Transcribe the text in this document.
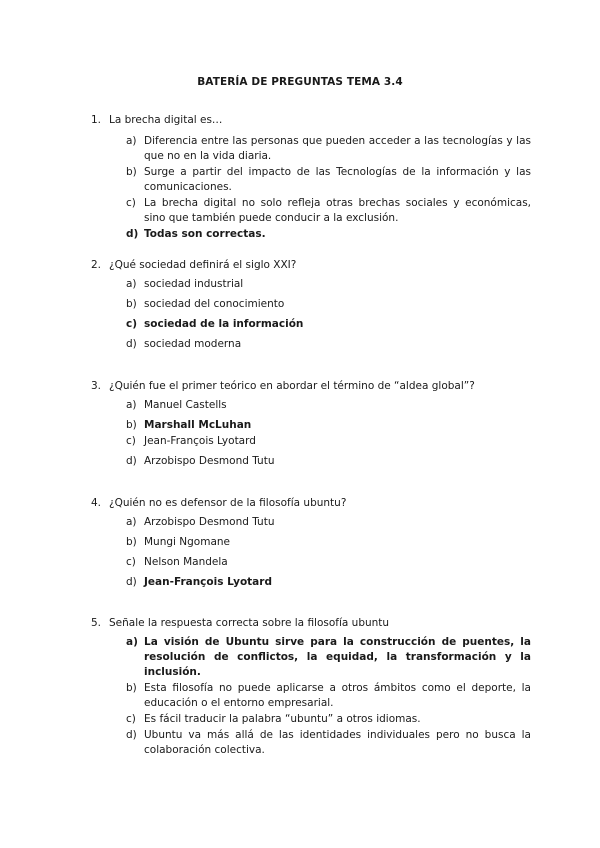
BATERÍA DE PREGUNTAS TEMA 3.4
1. La brecha digital es…
a) Diferencia entre las personas que pueden acceder a las tecnologías y las que no en la vida diaria.
b) Surge a partir del impacto de las Tecnologías de la información y las comunicaciones.
c) La brecha digital no solo refleja otras brechas sociales y económicas, sino que también puede conducir a la exclusión.
d) Todas son correctas.
2. ¿Qué sociedad definirá el siglo XXI?
a) sociedad industrial
b) sociedad del conocimiento
c) sociedad de la información
d) sociedad moderna
3. ¿Quién fue el primer teórico en abordar el término de “aldea global”?
a) Manuel Castells
b) Marshall McLuhan
c) Jean-François Lyotard
d) Arzobispo Desmond Tutu
4. ¿Quién no es defensor de la filosofía ubuntu?
a) Arzobispo Desmond Tutu
b) Mungi Ngomane
c) Nelson Mandela
d) Jean-François Lyotard
5. Señale la respuesta correcta sobre la filosofía ubuntu
a) La visión de Ubuntu sirve para la construcción de puentes, la resolución de conflictos, la equidad, la transformación y la inclusión.
b) Esta filosofía no puede aplicarse a otros ámbitos como el deporte, la educación o el entorno empresarial.
c) Es fácil traducir la palabra “ubuntu” a otros idiomas.
d) Ubuntu va más allá de las identidades individuales pero no busca la colaboración colectiva.
